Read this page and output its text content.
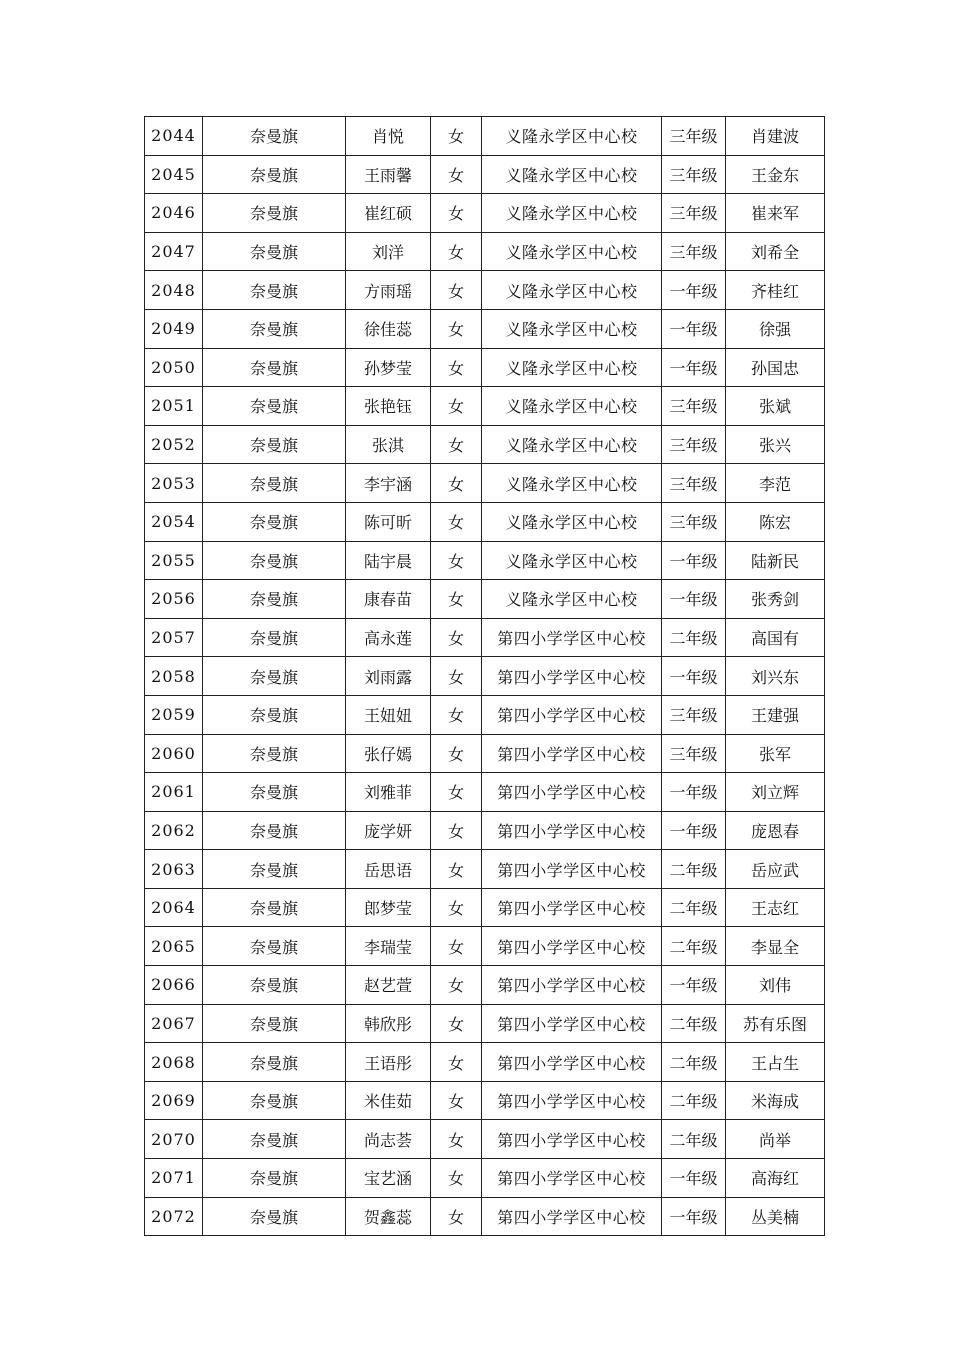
2044	奈曼旗	肖悦	女	义隆永学区中心校	三年级	肖建波
2045	奈曼旗	王雨馨	女	义隆永学区中心校	三年级	王金东
2046	奈曼旗	崔红硕	女	义隆永学区中心校	三年级	崔来军
2047	奈曼旗	刘洋	女	义隆永学区中心校	三年级	刘希全
2048	奈曼旗	方雨瑶	女	义隆永学区中心校	一年级	齐桂红
2049	奈曼旗	徐佳蕊	女	义隆永学区中心校	一年级	徐强
2050	奈曼旗	孙梦莹	女	义隆永学区中心校	一年级	孙国忠
2051	奈曼旗	张艳钰	女	义隆永学区中心校	三年级	张斌
2052	奈曼旗	张淇	女	义隆永学区中心校	三年级	张兴
2053	奈曼旗	李宇涵	女	义隆永学区中心校	三年级	李范
2054	奈曼旗	陈可昕	女	义隆永学区中心校	三年级	陈宏
2055	奈曼旗	陆宇晨	女	义隆永学区中心校	一年级	陆新民
2056	奈曼旗	康春苗	女	义隆永学区中心校	一年级	张秀剑
2057	奈曼旗	高永莲	女	第四小学学区中心校	二年级	高国有
2058	奈曼旗	刘雨露	女	第四小学学区中心校	一年级	刘兴东
2059	奈曼旗	王妞妞	女	第四小学学区中心校	三年级	王建强
2060	奈曼旗	张仔嫣	女	第四小学学区中心校	三年级	张军
2061	奈曼旗	刘雅菲	女	第四小学学区中心校	一年级	刘立辉
2062	奈曼旗	庞学妍	女	第四小学学区中心校	一年级	庞恩春
2063	奈曼旗	岳思语	女	第四小学学区中心校	二年级	岳应武
2064	奈曼旗	郎梦莹	女	第四小学学区中心校	二年级	王志红
2065	奈曼旗	李瑞莹	女	第四小学学区中心校	二年级	李显全
2066	奈曼旗	赵艺萱	女	第四小学学区中心校	一年级	刘伟
2067	奈曼旗	韩欣彤	女	第四小学学区中心校	二年级	苏有乐图
2068	奈曼旗	王语彤	女	第四小学学区中心校	二年级	王占生
2069	奈曼旗	米佳茹	女	第四小学学区中心校	二年级	米海成
2070	奈曼旗	尚志荟	女	第四小学学区中心校	二年级	尚举
2071	奈曼旗	宝艺涵	女	第四小学学区中心校	一年级	高海红
2072	奈曼旗	贺鑫蕊	女	第四小学学区中心校	一年级	丛美楠
